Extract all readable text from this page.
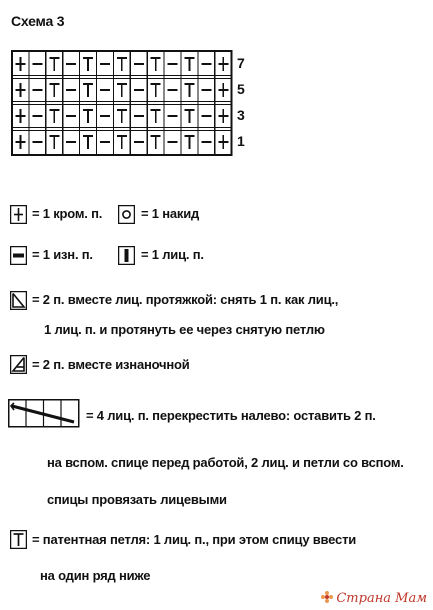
Схема 3
7
5
3
1
= 1 кром. п.	= 1 накид
= 1 изн. п.	= 1 лиц. п.
= 2 п. вместе лиц. протяжкой: снять 1 п. как лиц.,
1 лиц. п. и протянуть ее через снятую петлю
= 2 п. вместе изнаночной
= 4 лиц. п. перекрестить налево: оставить 2 п.
на вспом. спице перед работой, 2 лиц. и петли со вспом.
спицы провязать лицевыми
= патентная петля: 1 лиц. п., при этом спицу ввести
на один ряд ниже
Страна Мам
